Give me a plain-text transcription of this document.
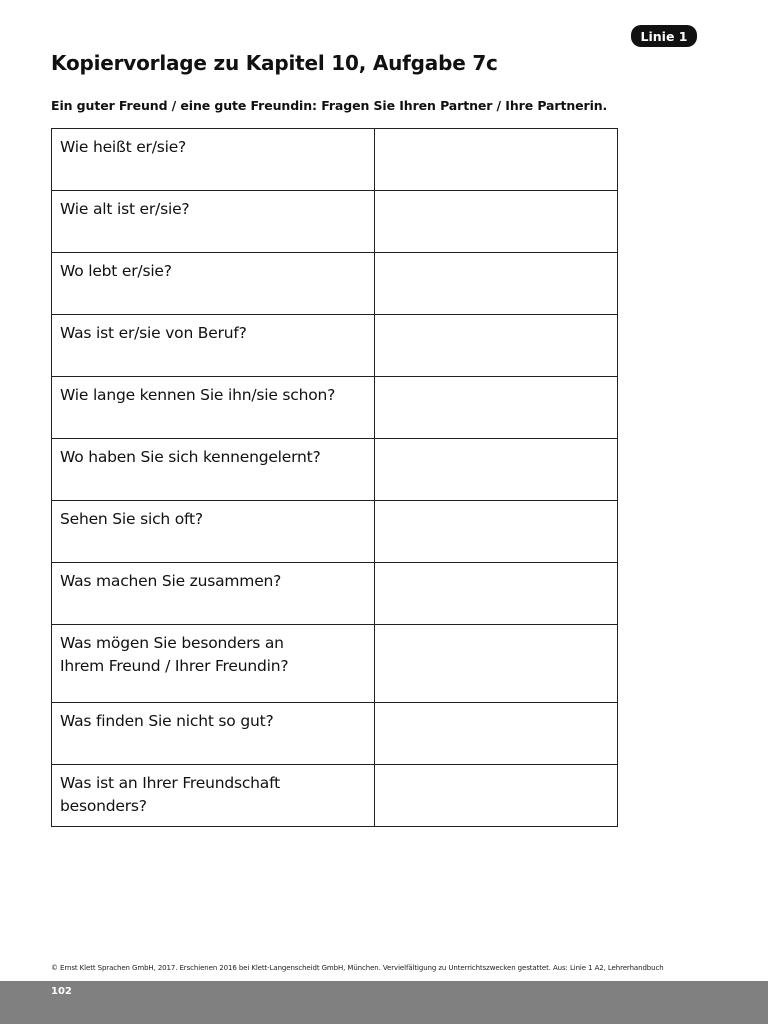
Linie 1
Kopiervorlage zu Kapitel 10, Aufgabe 7c

Ein guter Freund / eine gute Freundin: Fragen Sie Ihren Partner / Ihre Partnerin.

Wie heißt er/sie?	
Wie alt ist er/sie?	
Wo lebt er/sie?	
Was ist er/sie von Beruf?	
Wie lange kennen Sie ihn/sie schon?	
Wo haben Sie sich kennengelernt?	
Sehen Sie sich oft?	
Was machen Sie zusammen?	
Was mögen Sie besonders an
Ihrem Freund / Ihrer Freundin?	
Was finden Sie nicht so gut?	
Was ist an Ihrer Freundschaft
besonders?	
© Ernst Klett Sprachen GmbH, 2017. Erschienen 2016 bei Klett-Langenscheidt GmbH, München. Vervielfältigung zu Unterrichtszwecken gestattet. Aus: Linie 1 A2, Lehrerhandbuch
102
